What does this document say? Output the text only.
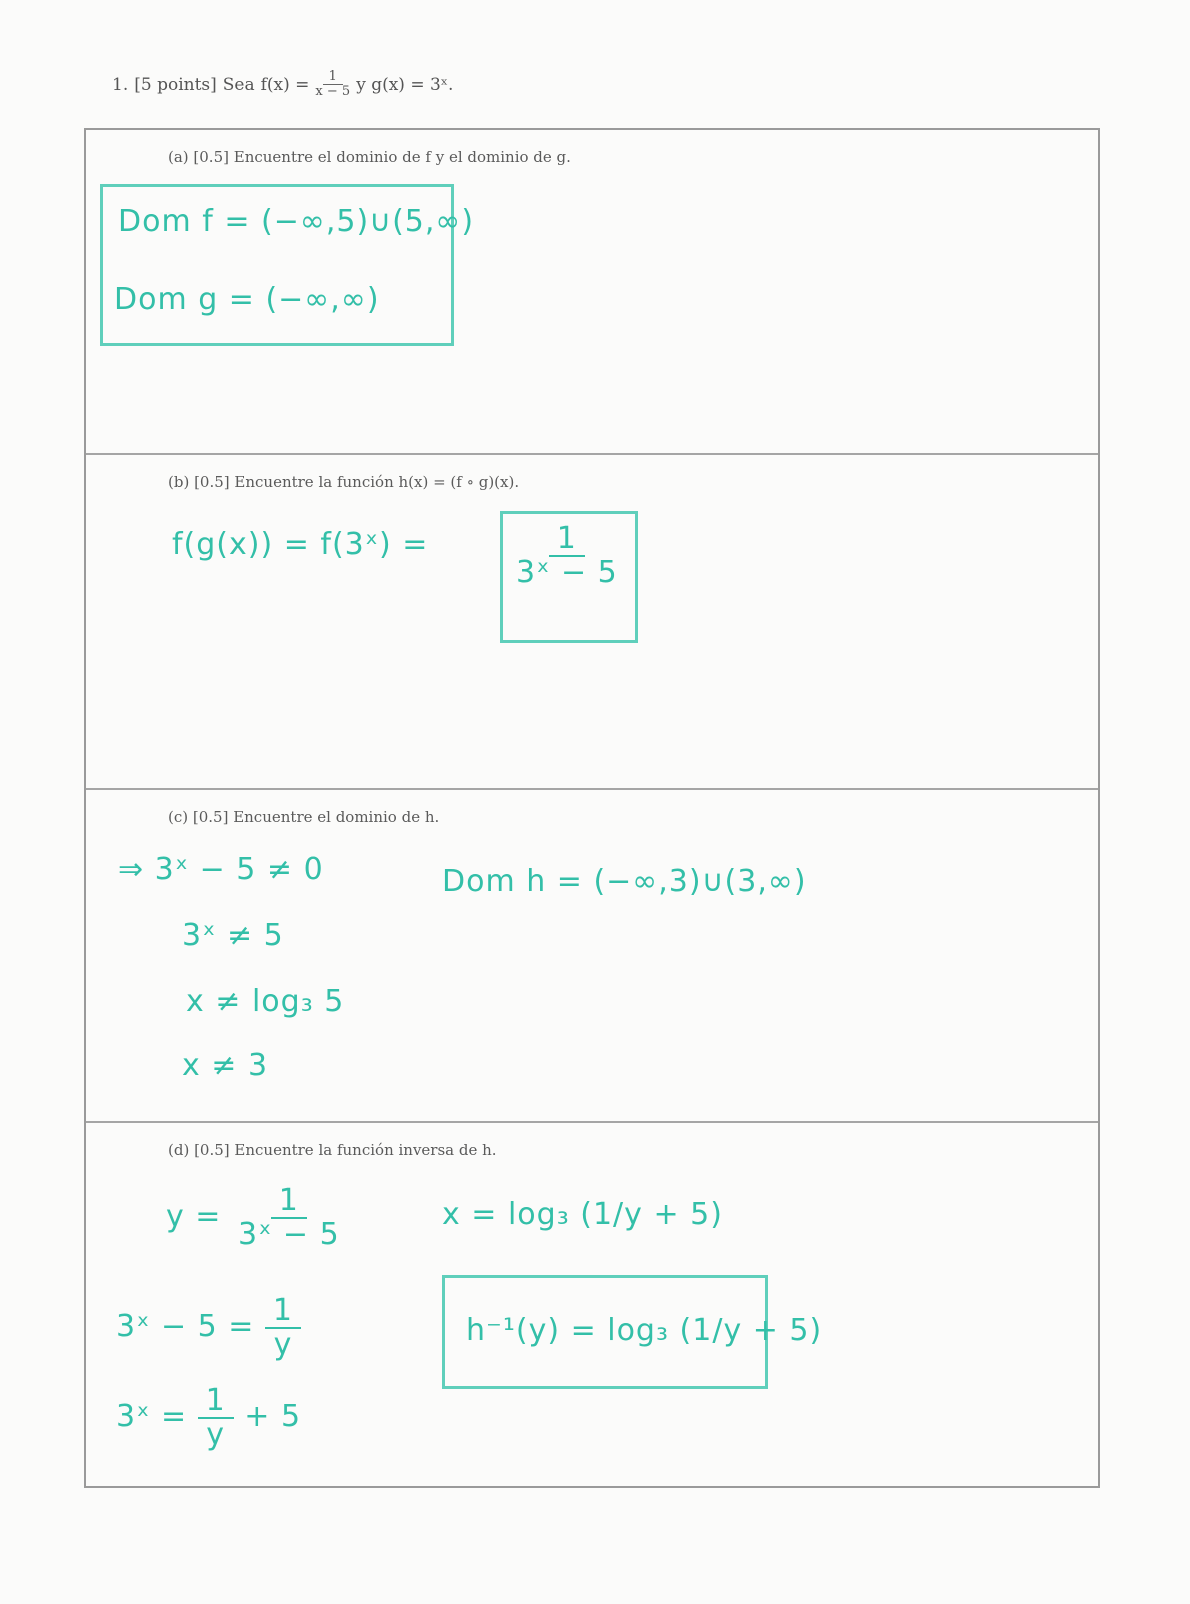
1. [5 points] Sea $f(x) = \frac{1}{x - 5}$ y g(x) = 3ˣ.
(a) [0.5] Encuentre el dominio de f y el dominio de g.
Dom f = (−∞,5)∪(5,∞)
Dom g = (−∞,∞)
(b) [0.5] Encuentre la función h(x) = (f ∘ g)(x).
f(g(x)) = f(3ˣ) =	$\frac{1}{\text{3ˣ − 5}}$
(c) [0.5] Encuentre el dominio de h.
⇒ 3ˣ − 5 ≠ 0
3ˣ ≠ 5
x ≠ log₃ 5
x ≠ 3
Dom h = (−∞,3)∪(3,∞)
(d) [0.5] Encuentre la función inversa de h.
$y = \frac{1}{\text{3ˣ − 5}}$
3ˣ − $5 = \frac{1}{y}$
3ˣ = $\frac{1}{y} + 5$
x = log₃ (1/y + 5)
h⁻¹(y) = log₃ (1/y + 5)
